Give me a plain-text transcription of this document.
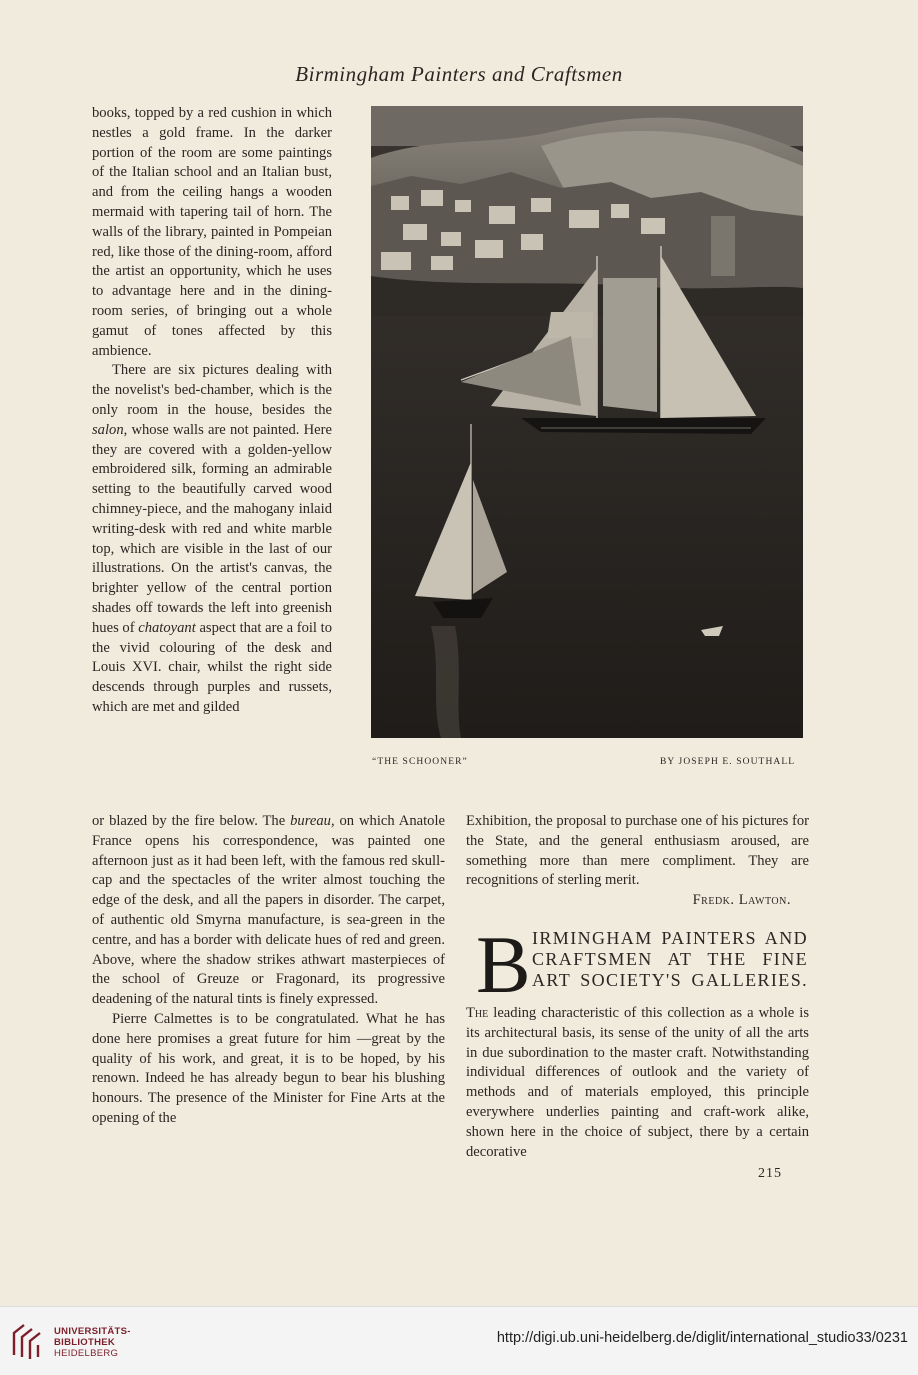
Birmingham Painters and Craftsmen

books, topped by a red cushion in which nestles a gold frame. In the darker portion of the room are some paintings of the Italian school and an Italian bust, and from the ceiling hangs a wooden mermaid with tapering tail of horn. The walls of the library, painted in Pompeian red, like those of the dining-room, afford the artist an opportunity, which he uses to advantage here and in the dining-room series, of bringing out a whole gamut of tones affected by this ambience.

There are six pictures dealing with the novelist's bed-chamber, which is the only room in the house, besides the salon, whose walls are not painted. Here they are covered with a golden-yellow embroidered silk, forming an admirable setting to the beautifully carved wood chimney-piece, and the mahogany inlaid writing-desk with red and white marble top, which are visible in the last of our illustrations. On the artist's canvas, the brighter yellow of the central portion shades off towards the left into greenish hues of chatoyant aspect that are a foil to the vivid colouring of the desk and Louis XVI. chair, whilst the right side descends through purples and russets, which are met and gilded

“THE SCHOONER”	BY JOSEPH E. SOUTHALL

or blazed by the fire below. The bureau, on which Anatole France opens his correspondence, was painted one afternoon just as it had been left, with the famous red skull-cap and the spectacles of the writer almost touching the edge of the desk, and all the papers in disorder. The carpet, of authentic old Smyrna manufacture, is sea-green in the centre, and has a border with delicate hues of red and green. Above, where the shadow strikes athwart masterpieces of the school of Greuze or Fragonard, its progressive deadening of the natural tints is finely expressed.

Pierre Calmettes is to be congratulated. What he has done here promises a great future for him —great by the quality of his work, and great, it is to be hoped, by his renown. Indeed he has already begun to bear his blushing honours. The presence of the Minister for Fine Arts at the opening of the

Exhibition, the proposal to purchase one of his pictures for the State, and the general enthusiasm aroused, are something more than mere compliment. They are recognitions of sterling merit.

Fredk. Lawton.

B IRMINGHAM PAINTERS AND CRAFTSMEN AT THE FINE ART SOCIETY'S GALLERIES.

The leading characteristic of this collection as a whole is its architectural basis, its sense of the unity of all the arts in due subordination to the master craft. Notwithstanding individual differences of outlook and the variety of methods and of materials employed, this principle everywhere underlies painting and craft-work alike, shown here in the choice of subject, there by a certain decorative

215
UNIVERSITÄTS-
BIBLIOTHEK
HEIDELBERG
http://digi.ub.uni-heidelberg.de/diglit/international_studio33/0231
